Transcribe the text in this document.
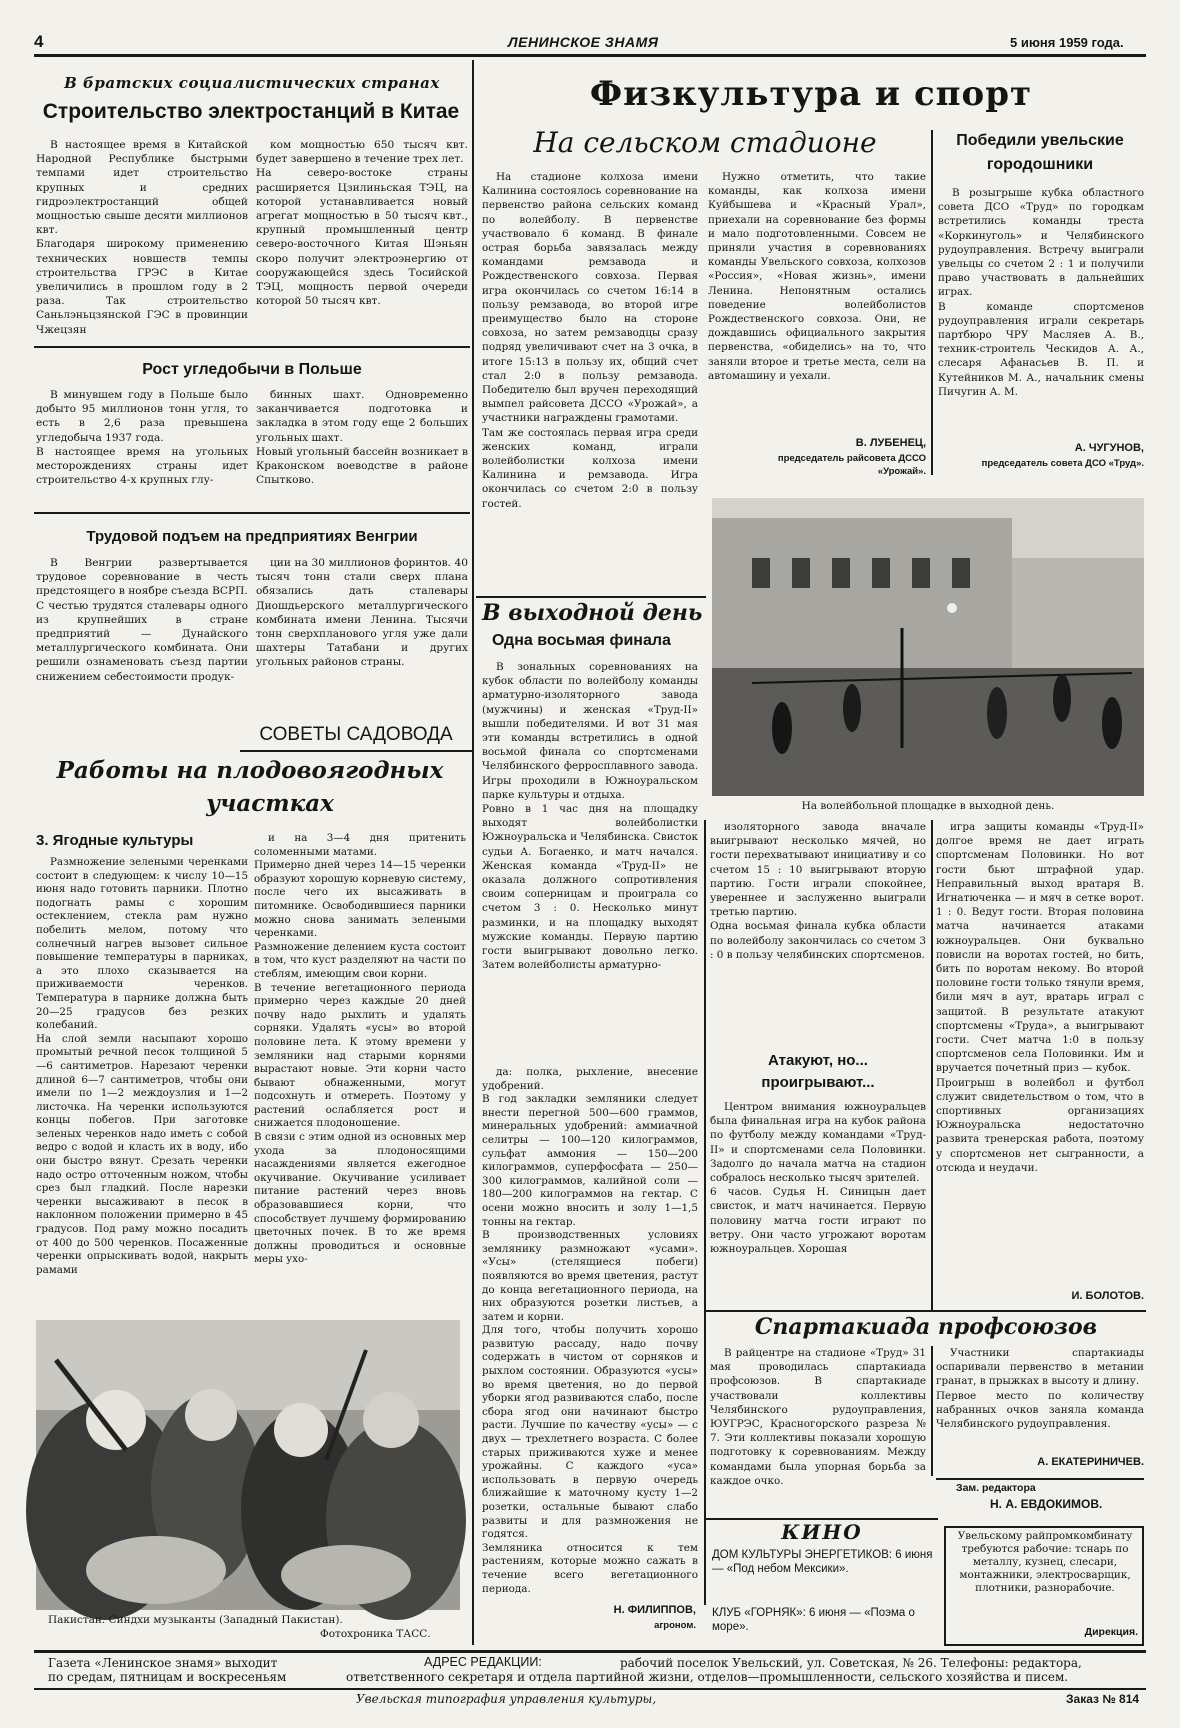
4	ЛЕНИНСКОЕ ЗНАМЯ	5 июня 1959 года.
В братских социалистических странах
Строительство электростанций в Китае
В настоящее время в Китайской Народной Республике быстрыми темпами идет строительство крупных и средних гидроэлектростанций общей мощностью свыше десяти миллионов квт.
Благодаря широкому применению технических новшеств темпы строительства ГРЭС в Китае увеличились в прошлом году в 2 раза. Так строительство Саньлэньцзянской ГЭС в провинции Чжецзян
ком мощностью 650 тысяч квт. будет завершено в течение трех лет.
На северо-востоке страны расширяется Цзилиньская ТЭЦ, на которой устанавливается новый агрегат мощностью в 50 тысяч квт., крупный промышленный центр северо-восточного Китая Шэньян скоро получит электроэнергию от сооружающейся здесь Тосийской ТЭЦ, мощность первой очереди которой 50 тысяч квт.
Рост угледобычи в Польше
В минувшем году в Польше было добыто 95 миллионов тонн угля, то есть в 2,6 раза превышена угледобыча 1937 года.
В настоящее время на угольных месторождениях страны идет строительство 4-х крупных глу-
бинных шахт. Одновременно заканчивается подготовка и закладка в этом году еще 2 больших угольных шахт.
Новый угольный бассейн возникает в Краконском воеводстве в районе Спытково.
Трудовой подъем на предприятиях Венгрии
В Венгрии развертывается трудовое соревнование в честь предстоящего в ноябре съезда ВСРП.
С честью трудятся сталевары одного из крупнейших в стране предприятий — Дунайского металлургического комбината. Они решили ознаменовать съезд партии снижением себестоимости продук-
ции на 30 миллионов форинтов. 40 тысяч тонн стали сверх плана обязались дать сталевары Диошдьерского металлургического комбината имени Ленина. Тысячи тонн сверхпланового угля уже дали шахтеры Татабани и других угольных районов страны.
СОВЕТЫ САДОВОДА
Работы на плодовоягодных
участках
3. Ягодные культуры
Размножение зелеными черенками состоит в следующем: к числу 10—15 июня надо готовить парники. Плотно подогнать рамы с хорошим остеклением, стекла рам нужно побелить мелом, потому что солнечный нагрев вызовет сильное повышение температуры в парниках, а это плохо сказывается на приживаемости черенков. Температура в парнике должна быть 20—25 градусов без резких колебаний.
На слой земли насыпают хорошо промытый речной песок толщиной 5—6 сантиметров. Нарезают черенки длиной 6—7 сантиметров, чтобы они имели по 1—2 междоузлия и 1—2 листочка. На черенки используются концы побегов. При заготовке зеленых черенков надо иметь с собой ведро с водой и класть их в воду, ибо они быстро вянут. Срезать черенки надо остро отточенным ножом, чтобы срез был гладкий. После нарезки черенки высаживают в песок в наклонном положении примерно в 45 градусов. Под раму можно посадить от 400 до 500 черенков. Посаженные черенки опрыскивать водой, накрыть рамами
и на 3—4 дня притенить соломенными матами.
Примерно дней через 14—15 черенки образуют хорошую корневую систему, после чего их высаживать в питомнике. Освободившиеся парники можно снова занимать зелеными черенками.
Размножение делением куста состоит в том, что куст разделяют на части по стеблям, имеющим свои корни.
В течение вегетационного периода примерно через каждые 20 дней почву надо рыхлить и удалять сорняки. Удалять «усы» во второй половине лета. К этому времени у земляники над старыми корнями вырастают новые. Эти корни часто бывают обнаженными, могут подсохнуть и отмереть. Поэтому у растений ослабляется рост и снижается плодоношение.
В связи с этим одной из основных мер ухода за плодоносящими насаждениями является ежегодное окучивание. Окучивание усиливает питание растений через вновь образовавшиеся корни, что способствует лучшему формированию цветочных почек. В то же время должны проводиться и основные меры ухо-
Пакистан. Синдхи музыканты (Западный Пакистан).
Фотохроника ТАСС.
Физкультура и спорт
На сельском стадионе
На стадионе колхоза имени Калинина состоялось соревнование на первенство района сельских команд по волейболу. В первенстве участвовало 6 команд. В финале острая борьба завязалась между командами ремзавода и Рождественского совхоза. Первая игра окончилась со счетом 16:14 в пользу ремзавода, во второй игре преимущество было на стороне совхоза, но затем ремзаводцы сразу подряд увеличивают счет на 3 очка, в итоге 15:13 в пользу их, общий счет стал 2:0 в пользу ремзавода. Победителю был вручен переходящий вымпел райсовета ДССО «Урожай», а участники награждены грамотами.
Там же состоялась первая игра среди женских команд, играли волейболистки колхоза имени Калинина и ремзавода. Игра окончилась со счетом 2:0 в пользу гостей.
Нужно отметить, что такие команды, как колхоза имени Куйбышева и «Красный Урал», приехали на соревнование без формы и мало подготовленными. Совсем не приняли участия в соревнованиях команды Увельского совхоза, колхозов «Россия», «Новая жизнь», имени Ленина. Непонятным остались поведение волейболистов Рождественского совхоза. Они, не дождавшись официального закрытия первенства, «обиделись» на то, что заняли второе и третье места, сели на автомашину и уехали.
В. ЛУБЕНЕЦ,
председатель райсовета ДССО «Урожай».
Победили увельские
городошники
В розыгрыше кубка областного совета ДСО «Труд» по городкам встретились команды треста «Коркинуголь» и Челябинского рудоуправления. Встречу выиграли увельцы со счетом 2 : 1 и получили право участвовать в дальнейших играх.
В команде спортсменов рудоуправления играли секретарь партбюро ЧРУ Масляев А. В., техник-строитель Ческидов А. А., слесаря Афанасьев В. П. и Кутейников М. А., начальник смены Пичугин А. М.
А. ЧУГУНОВ,
председатель совета ДСО «Труд».
На волейбольной площадке в выходной день.
В выходной день
Одна восьмая финала
В зональных соревнованиях на кубок области по волейболу команды арматурно-изоляторного завода (мужчины) и женская «Труд-II» вышли победителями. И вот 31 мая эти команды встретились в одной восьмой финала со спортсменами Челябинского ферросплавного завода. Игры проходили в Южноуральском парке культуры и отдыха.
Ровно в 1 час дня на площадку выходят волейболистки Южноуральска и Челябинска. Свисток судьи А. Богаенко, и матч начался. Женская команда «Труд-II» не оказала должного сопротивления своим соперницам и проиграла со счетом 3 : 0. Несколько минут разминки, и на площадку выходят мужские команды. Первую партию гости выигрывают довольно легко. Затем волейболисты арматурно-
изоляторного завода вначале выигрывают несколько мячей, но гости перехватывают инициативу и со счетом 15 : 10 выигрывают вторую партию. Гости играли спокойнее, увереннее и заслуженно выиграли третью партию.
Одна восьмая финала кубка области по волейболу закончилась со счетом 3 : 0 в пользу челябинских спортсменов.
Атакуют, но...
проигрывают...
Центром внимания южноуральцев была финальная игра на кубок района по футболу между командами «Труд-II» и спортсменами села Половинки. Задолго до начала матча на стадион собралось несколько тысяч зрителей.
6 часов. Судья Н. Синицын дает свисток, и матч начинается. Первую половину матча гости играют по ветру. Они часто угрожают воротам южноуральцев. Хорошая
игра защиты команды «Труд-II» долгое время не дает играть спортсменам Половинки. Но вот гости бьют штрафной удар. Неправильный выход вратаря В. Игнатюченка — и мяч в сетке ворот. 1 : 0. Ведут гости. Вторая половина матча начинается атаками южноуральцев. Они буквально повисли на воротах гостей, но бить, бить по воротам некому. Во второй половине гости только тянули время, били мяч в аут, вратарь играл с защитой. В результате атакуют спортсмены «Труда», а выигрывают гости. Счет матча 1:0 в пользу спортсменов села Половинки. Им и вручается почетный приз — кубок.
Проигрыш в волейбол и футбол служит свидетельством о том, что в спортивных организациях Южноуральска недостаточно развита тренерская работа, поэтому у спортсменов нет сыгранности, а отсюда и неудачи.
И. БОЛОТОВ.
Спартакиада профсоюзов
В райцентре на стадионе «Труд» 31 мая проводилась спартакиада профсоюзов. В спартакиаде участвовали коллективы Челябинского рудоуправления, ЮУГРЭС, Красногорского разреза № 7. Эти коллективы показали хорошую подготовку к соревнованиям. Между командами была упорная борьба за каждое очко.
Участники спартакиады оспаривали первенство в метании гранат, в прыжках в высоту и длину.
Первое место по количеству набранных очков заняла команда Челябинского рудоуправления.
А. ЕКАТЕРИНИЧЕВ.
да: полка, рыхление, внесение удобрений.
В год закладки земляники следует внести перегной 500—600 граммов, минеральных удобрений: аммиачной селитры — 100—120 килограммов, сульфат аммония — 150—200 килограммов, суперфосфата — 250—300 килограммов, калийной соли — 180—200 килограммов на гектар. С осени можно вносить и золу 1—1,5 тонны на гектар.
В производственных условиях землянику размножают «усами». «Усы» (стелящиеся побеги) появляются во время цветения, растут до конца вегетационного периода, на них образуются розетки листьев, а затем и корни.
Для того, чтобы получить хорошо развитую рассаду, надо почву содержать в чистом от сорняков и рыхлом состоянии. Образуются «усы» во время цветения, но до первой уборки ягод развиваются слабо, после сбора ягод они начинают быстро расти. Лучшие по качеству «усы» — с двух — трехлетнего возраста. С более старых приживаются хуже и менее урожайны. С каждого «уса» использовать в первую очередь ближайшие к маточному кусту 1—2 розетки, остальные бывают слабо развиты и для размножения не годятся.
Земляника относится к тем растениям, которые можно сажать в течение всего вегетационного периода.
Н. ФИЛИППОВ,
агроном.
Зам. редактора
Н. А. ЕВДОКИМОВ.
КИНО
ДОМ КУЛЬТУРЫ ЭНЕРГЕТИКОВ: 6 июня — «Под небом Мексики».
КЛУБ «ГОРНЯК»: 6 июня — «Поэма о море».
Увельскому райпромкомбинату требуются рабочие: тснарь по металлу, кузнец, слесари, монтажники, электросварщик, плотники, разнорабочие.
Дирекция.
Газета «Ленинское знамя» выходит
по средам, пятницам и воскресеньям
АДРЕС РЕДАКЦИИ:	рабочий поселок Увельский, ул. Советская, № 26. Телефоны: редактора,
ответственного секретаря и отдела партийной жизни, отделов—промышленности, сельского хозяйства и писем.
Увельская типография управления культуры,	Заказ № 814
